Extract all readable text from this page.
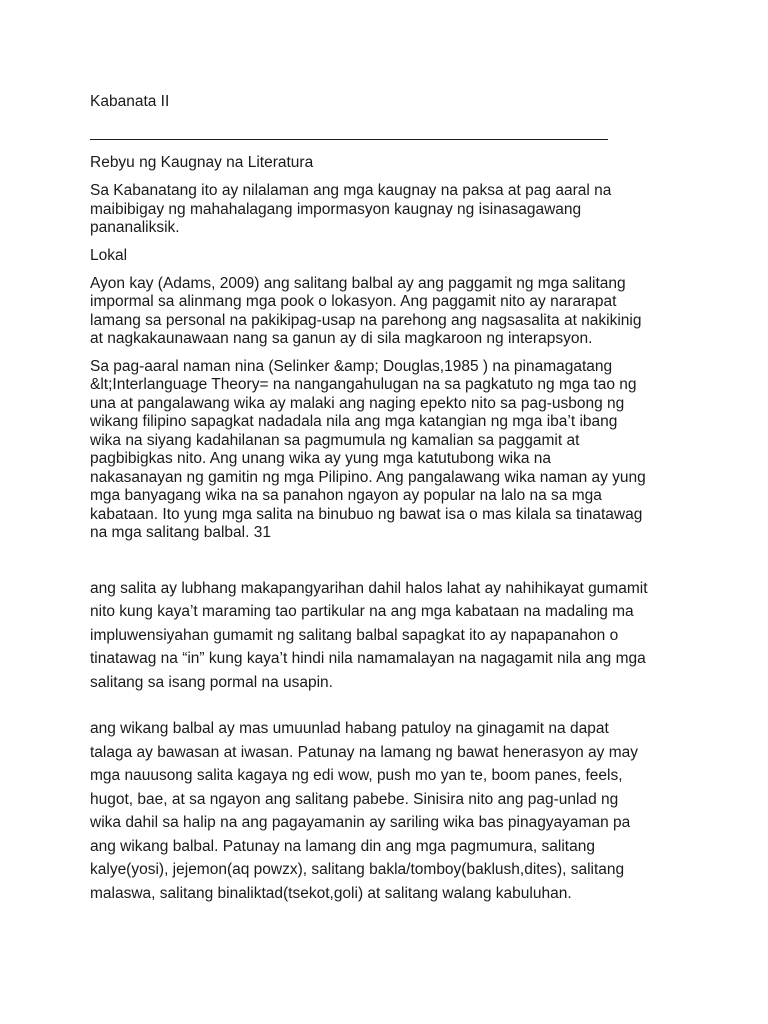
Kabanata II

Rebyu ng Kaugnay na Literatura

Sa Kabanatang ito ay nilalaman ang mga kaugnay na paksa at pag aaral na
maibibigay ng mahahalagang impormasyon kaugnay ng isinasagawang
pananaliksik.

Lokal

Ayon kay (Adams, 2009) ang salitang balbal ay ang paggamit ng mga salitang
impormal sa alinmang mga pook o lokasyon. Ang paggamit nito ay nararapat
lamang sa personal na pakikipag-usap na parehong ang nagsasalita at nakikinig
at nagkakaunawaan nang sa ganun ay di sila magkaroon ng interapsyon.

Sa pag-aaral naman nina (Selinker &amp; Douglas,1985 ) na pinamagatang
&lt;Interlanguage Theory= na nangangahulugan na sa pagkatuto ng mga tao ng
una at pangalawang wika ay malaki ang naging epekto nito sa pag-usbong ng
wikang filipino sapagkat nadadala nila ang mga katangian ng mga iba’t ibang
wika na siyang kadahilanan sa pagmumula ng kamalian sa paggamit at
pagbibigkas nito. Ang unang wika ay yung mga katutubong wika na
nakasanayan ng gamitin ng mga Pilipino. Ang pangalawang wika naman ay yung
mga banyagang wika na sa panahon ngayon ay popular na lalo na sa mga
kabataan. Ito yung mga salita na binubuo ng bawat isa o mas kilala sa tinatawag
na mga salitang balbal. 31

ang salita ay lubhang makapangyarihan dahil halos lahat ay nahihikayat gumamit
nito kung kaya’t maraming tao partikular na ang mga kabataan na madaling ma
impluwensiyahan gumamit ng salitang balbal sapagkat ito ay napapanahon o
tinatawag na “in” kung kaya’t hindi nila namamalayan na nagagamit nila ang mga
salitang sa isang pormal na usapin.

ang wikang balbal ay mas umuunlad habang patuloy na ginagamit na dapat
talaga ay bawasan at iwasan. Patunay na lamang ng bawat henerasyon ay may
mga nauusong salita kagaya ng edi wow, push mo yan te, boom panes, feels,
hugot, bae, at sa ngayon ang salitang pabebe. Sinisira nito ang pag-unlad ng
wika dahil sa halip na ang pagayamanin ay sariling wika bas pinagyayaman pa
ang wikang balbal. Patunay na lamang din ang mga pagmumura, salitang
kalye(yosi), jejemon(aq powzx), salitang bakla/tomboy(baklush,dites), salitang
malaswa, salitang binaliktad(tsekot,goli) at salitang walang kabuluhan.
